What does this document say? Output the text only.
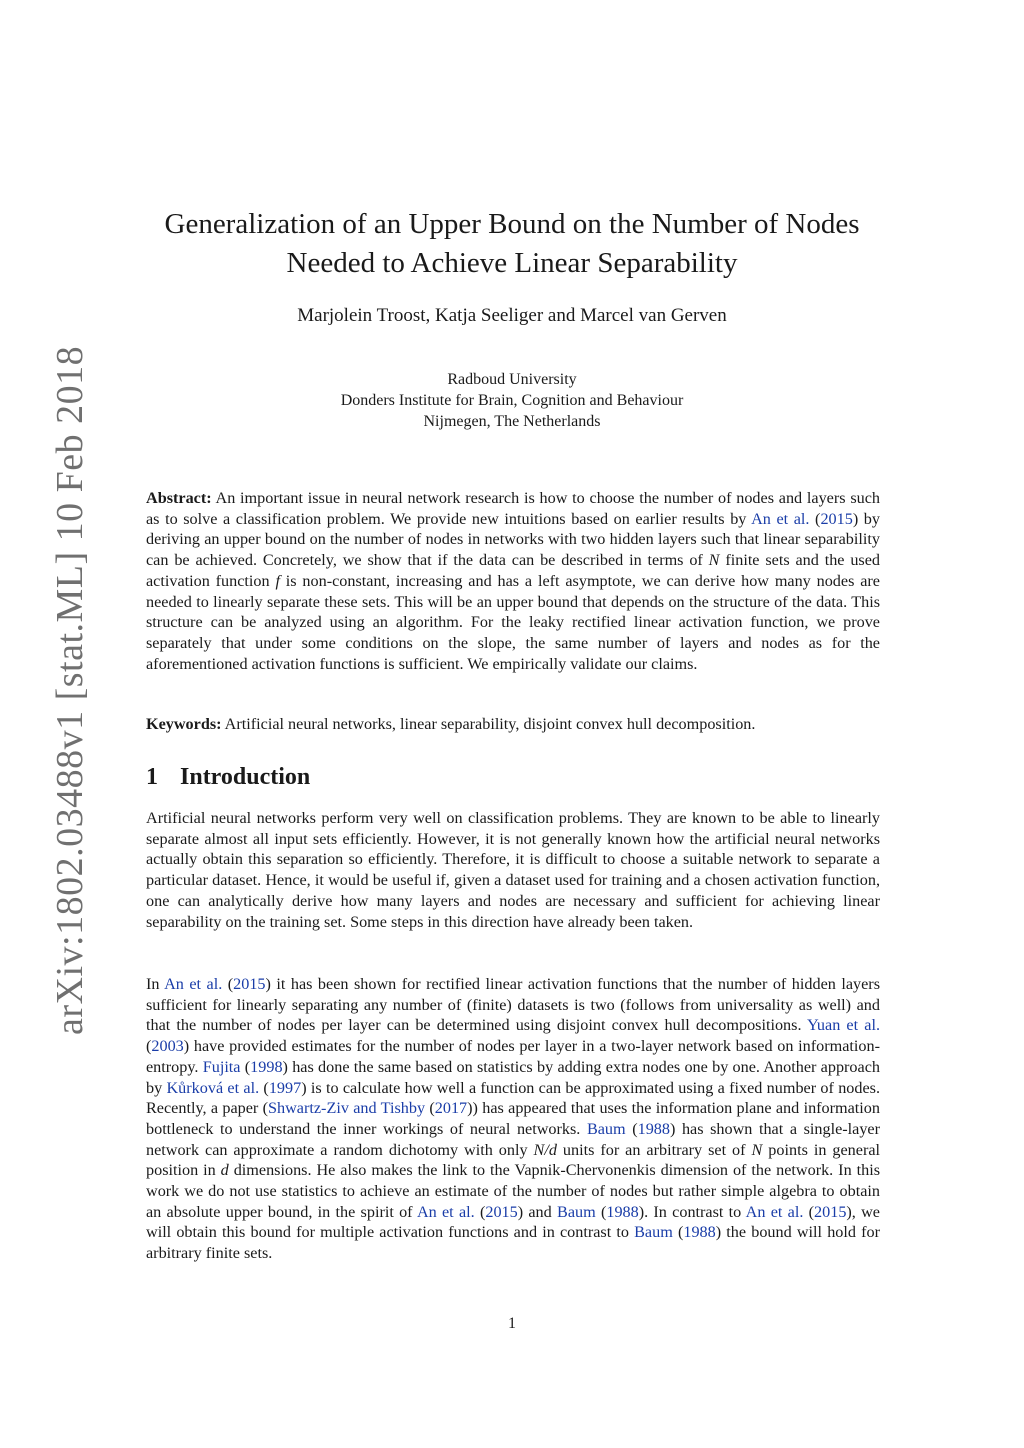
arXiv:1802.03488v1 [stat.ML] 10 Feb 2018
Generalization of an Upper Bound on the Number of Nodes
Needed to Achieve Linear Separability
Marjolein Troost, Katja Seeliger and Marcel van Gerven
Radboud University
Donders Institute for Brain, Cognition and Behaviour
Nijmegen, The Netherlands
Abstract: An important issue in neural network research is how to choose the number of nodes and layers such as to solve a classification problem. We provide new intuitions based on earlier results by An et al. (2015) by deriving an upper bound on the number of nodes in networks with two hidden layers such that linear separability can be achieved. Concretely, we show that if the data can be described in terms of N finite sets and the used activation function f is non-constant, increasing and has a left asymptote, we can derive how many nodes are needed to linearly separate these sets. This will be an upper bound that depends on the structure of the data. This structure can be analyzed using an algorithm. For the leaky rectified linear activation function, we prove separately that under some conditions on the slope, the same number of layers and nodes as for the aforementioned activation functions is sufficient. We empirically validate our claims.
Keywords: Artificial neural networks, linear separability, disjoint convex hull decomposition.
1 Introduction
Artificial neural networks perform very well on classification problems. They are known to be able to linearly separate almost all input sets efficiently. However, it is not generally known how the artificial neural networks actually obtain this separation so efficiently. Therefore, it is difficult to choose a suitable network to separate a particular dataset. Hence, it would be useful if, given a dataset used for training and a chosen activation function, one can analytically derive how many layers and nodes are necessary and sufficient for achieving linear separability on the training set. Some steps in this direction have already been taken.
In An et al. (2015) it has been shown for rectified linear activation functions that the number of hidden layers sufficient for linearly separating any number of (finite) datasets is two (follows from universality as well) and that the number of nodes per layer can be determined using disjoint convex hull decompositions. Yuan et al. (2003) have provided estimates for the number of nodes per layer in a two-layer network based on information-entropy. Fujita (1998) has done the same based on statistics by adding extra nodes one by one. Another approach by Kůrková et al. (1997) is to calculate how well a function can be approximated using a fixed number of nodes. Recently, a paper (Shwartz-Ziv and Tishby (2017)) has appeared that uses the information plane and information bottleneck to understand the inner workings of neural networks. Baum (1988) has shown that a single-layer network can approximate a random dichotomy with only N/d units for an arbitrary set of N points in general position in d dimensions. He also makes the link to the Vapnik-Chervonenkis dimension of the network. In this work we do not use statistics to achieve an estimate of the number of nodes but rather simple algebra to obtain an absolute upper bound, in the spirit of An et al. (2015) and Baum (1988). In contrast to An et al. (2015), we will obtain this bound for multiple activation functions and in contrast to Baum (1988) the bound will hold for arbitrary finite sets.
1
